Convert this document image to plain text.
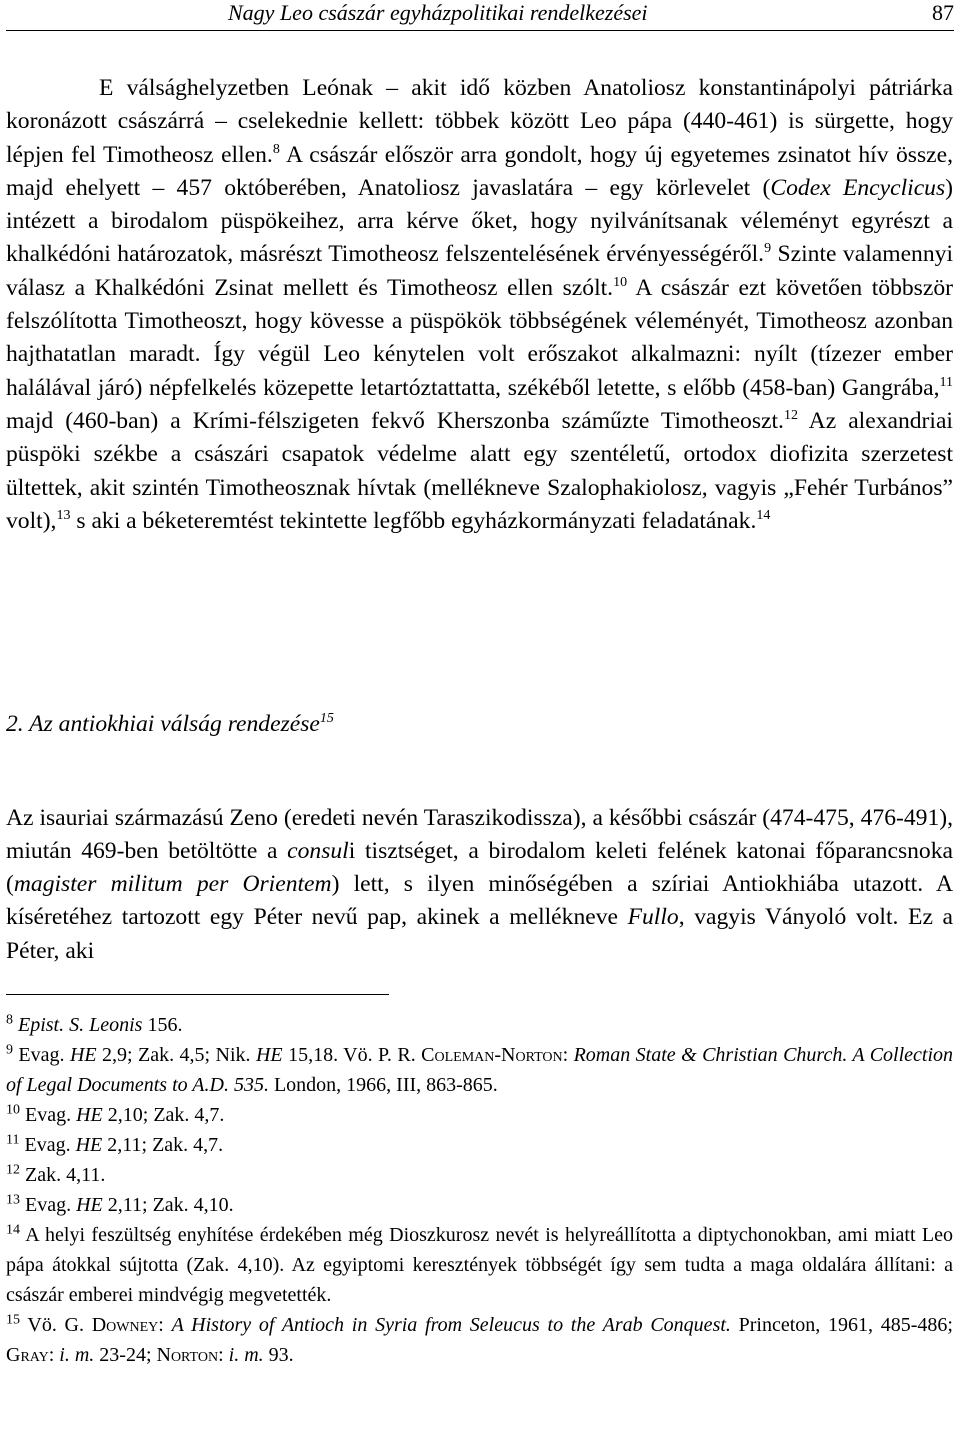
Nagy Leo császár egyházpolitikai rendelkezései	87

E válsághelyzetben Leónak – akit idő közben Anatoliosz konstantinápolyi pátriárka koronázott császárrá – cselekednie kellett: többek között Leo pápa (440-461) is sürgette, hogy lépjen fel Timotheosz ellen.$^8$ A császár először arra gondolt, hogy új egyetemes zsinatot hív össze, majd ehelyett – 457 októberében, Anatoliosz javaslatára – egy körlevelet (Codex Encyclicus) intézett a birodalom püspökeihez, arra kérve őket, hogy nyilvánítsanak véleményt egyrészt a khalkédóni határozatok, másrészt Timotheosz felszentelésének érvényességéről.$^9$ Szinte valamennyi válasz a Khalkédóni Zsinat mellett és Timotheosz ellen szólt.$^{10}$ A császár ezt követően többször felszólította Timotheoszt, hogy kövesse a püspökök többségének véleményét, Timotheosz azonban hajthatatlan maradt. Így végül Leo kénytelen volt erőszakot alkalmazni: nyílt (tízezer ember halálával járó) népfelkelés közepette letartóztattatta, székéből letette, s előbb (458-ban) Gangrába,$^{11}$ majd (460-ban) a Krími-félszigeten fekvő Kherszonba száműzte Timotheoszt.$^{12}$ Az alexandriai püspöki székbe a császári csapatok védelme alatt egy szentéletű, ortodox diofizita szerzetest ültettek, akit szintén Timotheosznak hívtak (mellékneve Szalophakiolosz, vagyis „Fehér Turbános” volt),$^{13}$ s aki a béketeremtést tekintette legfőbb egyházkormányzati feladatának.$^{14}$

2. Az antiokhiai válság rendezése$^{15}$

Az isauriai származású Zeno (eredeti nevén Taraszikodissza), a későbbi császár (474-475, 476-491), miután 469-ben betöltötte a consuli tisztséget, a birodalom keleti felének katonai főparancsnoka (magister militum per Orientem) lett, s ilyen minőségében a szíriai Antiokhiába utazott. A kíséretéhez tartozott egy Péter nevű pap, akinek a mellékneve Fullo, vagyis Ványoló volt. Ez a Péter, aki

$^8$ Epist. S. Leonis 156.

$^9$ Evag. HE 2,9; Zak. 4,5; Nik. HE 15,18. Vö. P. R. Coleman-Norton: Roman State & Christian Church. A Collection of Legal Documents to A.D. 535. London, 1966, III, 863-865.

$^{10}$ Evag. HE 2,10; Zak. 4,7.

$^{11}$ Evag. HE 2,11; Zak. 4,7.

$^{12}$ Zak. 4,11.

$^{13}$ Evag. HE 2,11; Zak. 4,10.

$^{14}$ A helyi feszültség enyhítése érdekében még Dioszkurosz nevét is helyreállította a diptychonokban, ami miatt Leo pápa átokkal sújtotta (Zak. 4,10). Az egyiptomi keresztények többségét így sem tudta a maga oldalára állítani: a császár emberei mindvégig megvetették.

$^{15}$ Vö. G. Downey: A History of Antioch in Syria from Seleucus to the Arab Conquest. Princeton, 1961, 485-486; Gray: i. m. 23-24; Norton: i. m. 93.
